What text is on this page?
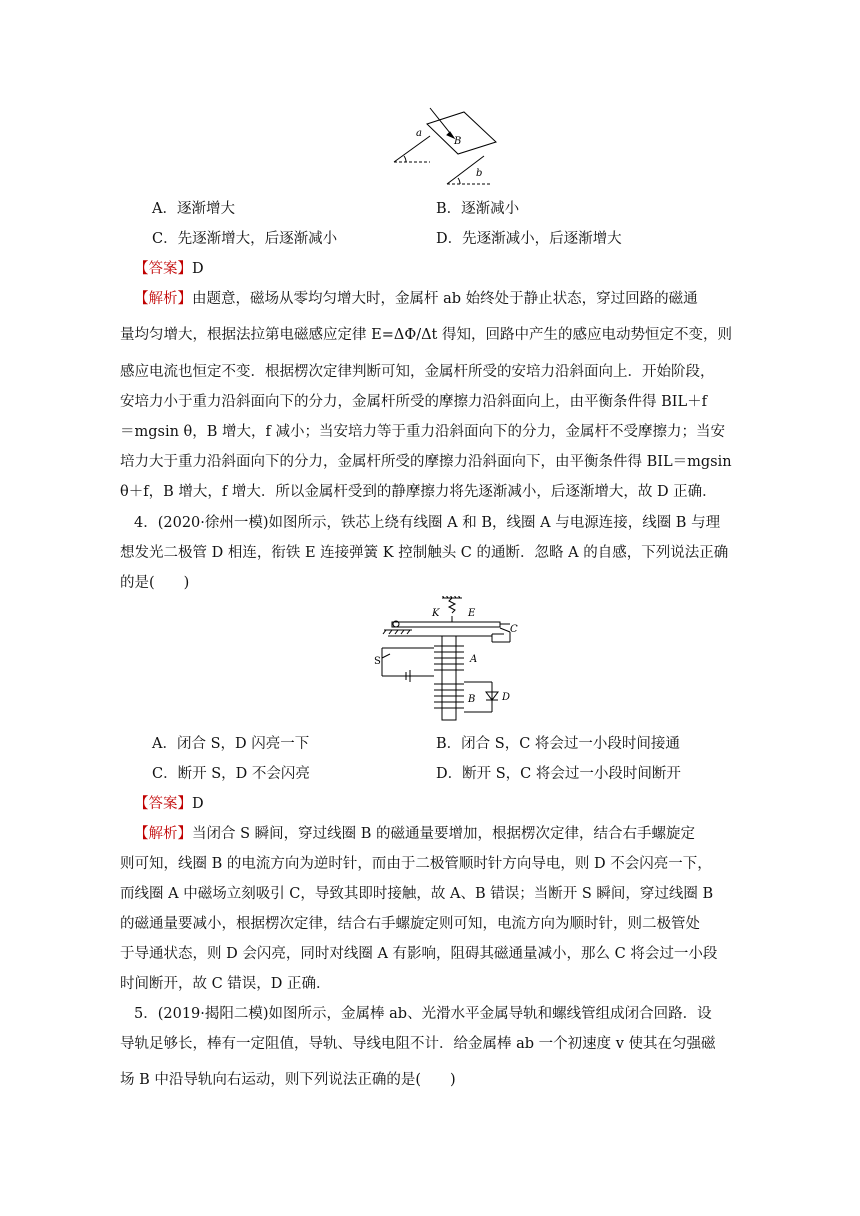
a
B
b
A．逐渐增大	B．逐渐减小
C．先逐渐增大，后逐渐减小	D．先逐渐减小，后逐渐增大
【答案】D
【解析】由题意，磁场从零均匀增大时，金属杆 ab 始终处于静止状态，穿过回路的磁通
量均匀增大，根据法拉第电磁感应定律 E=ΔΦ/Δt 得知，回路中产生的感应电动势恒定不变，则
感应电流也恒定不变．根据楞次定律判断可知，金属杆所受的安培力沿斜面向上．开始阶段，
安培力小于重力沿斜面向下的分力，金属杆所受的摩擦力沿斜面向上，由平衡条件得 BIL＋f
＝mgsin θ，B 增大，f 减小；当安培力等于重力沿斜面向下的分力，金属杆不受摩擦力；当安
培力大于重力沿斜面向下的分力，金属杆所受的摩擦力沿斜面向下，由平衡条件得 BIL＝mgsin
θ＋f，B 增大，f 增大．所以金属杆受到的静摩擦力将先逐渐减小，后逐渐增大，故 D 正确．
4．(2020·徐州一模)如图所示，铁芯上绕有线圈 A 和 B，线圈 A 与电源连接，线圈 B 与理
想发光二极管 D 相连，衔铁 E 连接弹簧 K 控制触头 C 的通断．忽略 A 的自感，下列说法正确
的是(　　)
K	E
C
S	A
B	D
A．闭合 S，D 闪亮一下	B．闭合 S，C 将会过一小段时间接通
C．断开 S，D 不会闪亮	D．断开 S，C 将会过一小段时间断开
【答案】D
【解析】当闭合 S 瞬间，穿过线圈 B 的磁通量要增加，根据楞次定律，结合右手螺旋定
则可知，线圈 B 的电流方向为逆时针，而由于二极管顺时针方向导电，则 D 不会闪亮一下，
而线圈 A 中磁场立刻吸引 C，导致其即时接触，故 A、B 错误；当断开 S 瞬间，穿过线圈 B
的磁通量要减小，根据楞次定律，结合右手螺旋定则可知，电流方向为顺时针，则二极管处
于导通状态，则 D 会闪亮，同时对线圈 A 有影响，阻碍其磁通量减小，那么 C 将会过一小段
时间断开，故 C 错误，D 正确．
5．(2019·揭阳二模)如图所示，金属棒 ab、光滑水平金属导轨和螺线管组成闭合回路．设
导轨足够长，棒有一定阻值，导轨、导线电阻不计．给金属棒 ab 一个初速度 v 使其在匀强磁
场 B 中沿导轨向右运动，则下列说法正确的是(　　)
